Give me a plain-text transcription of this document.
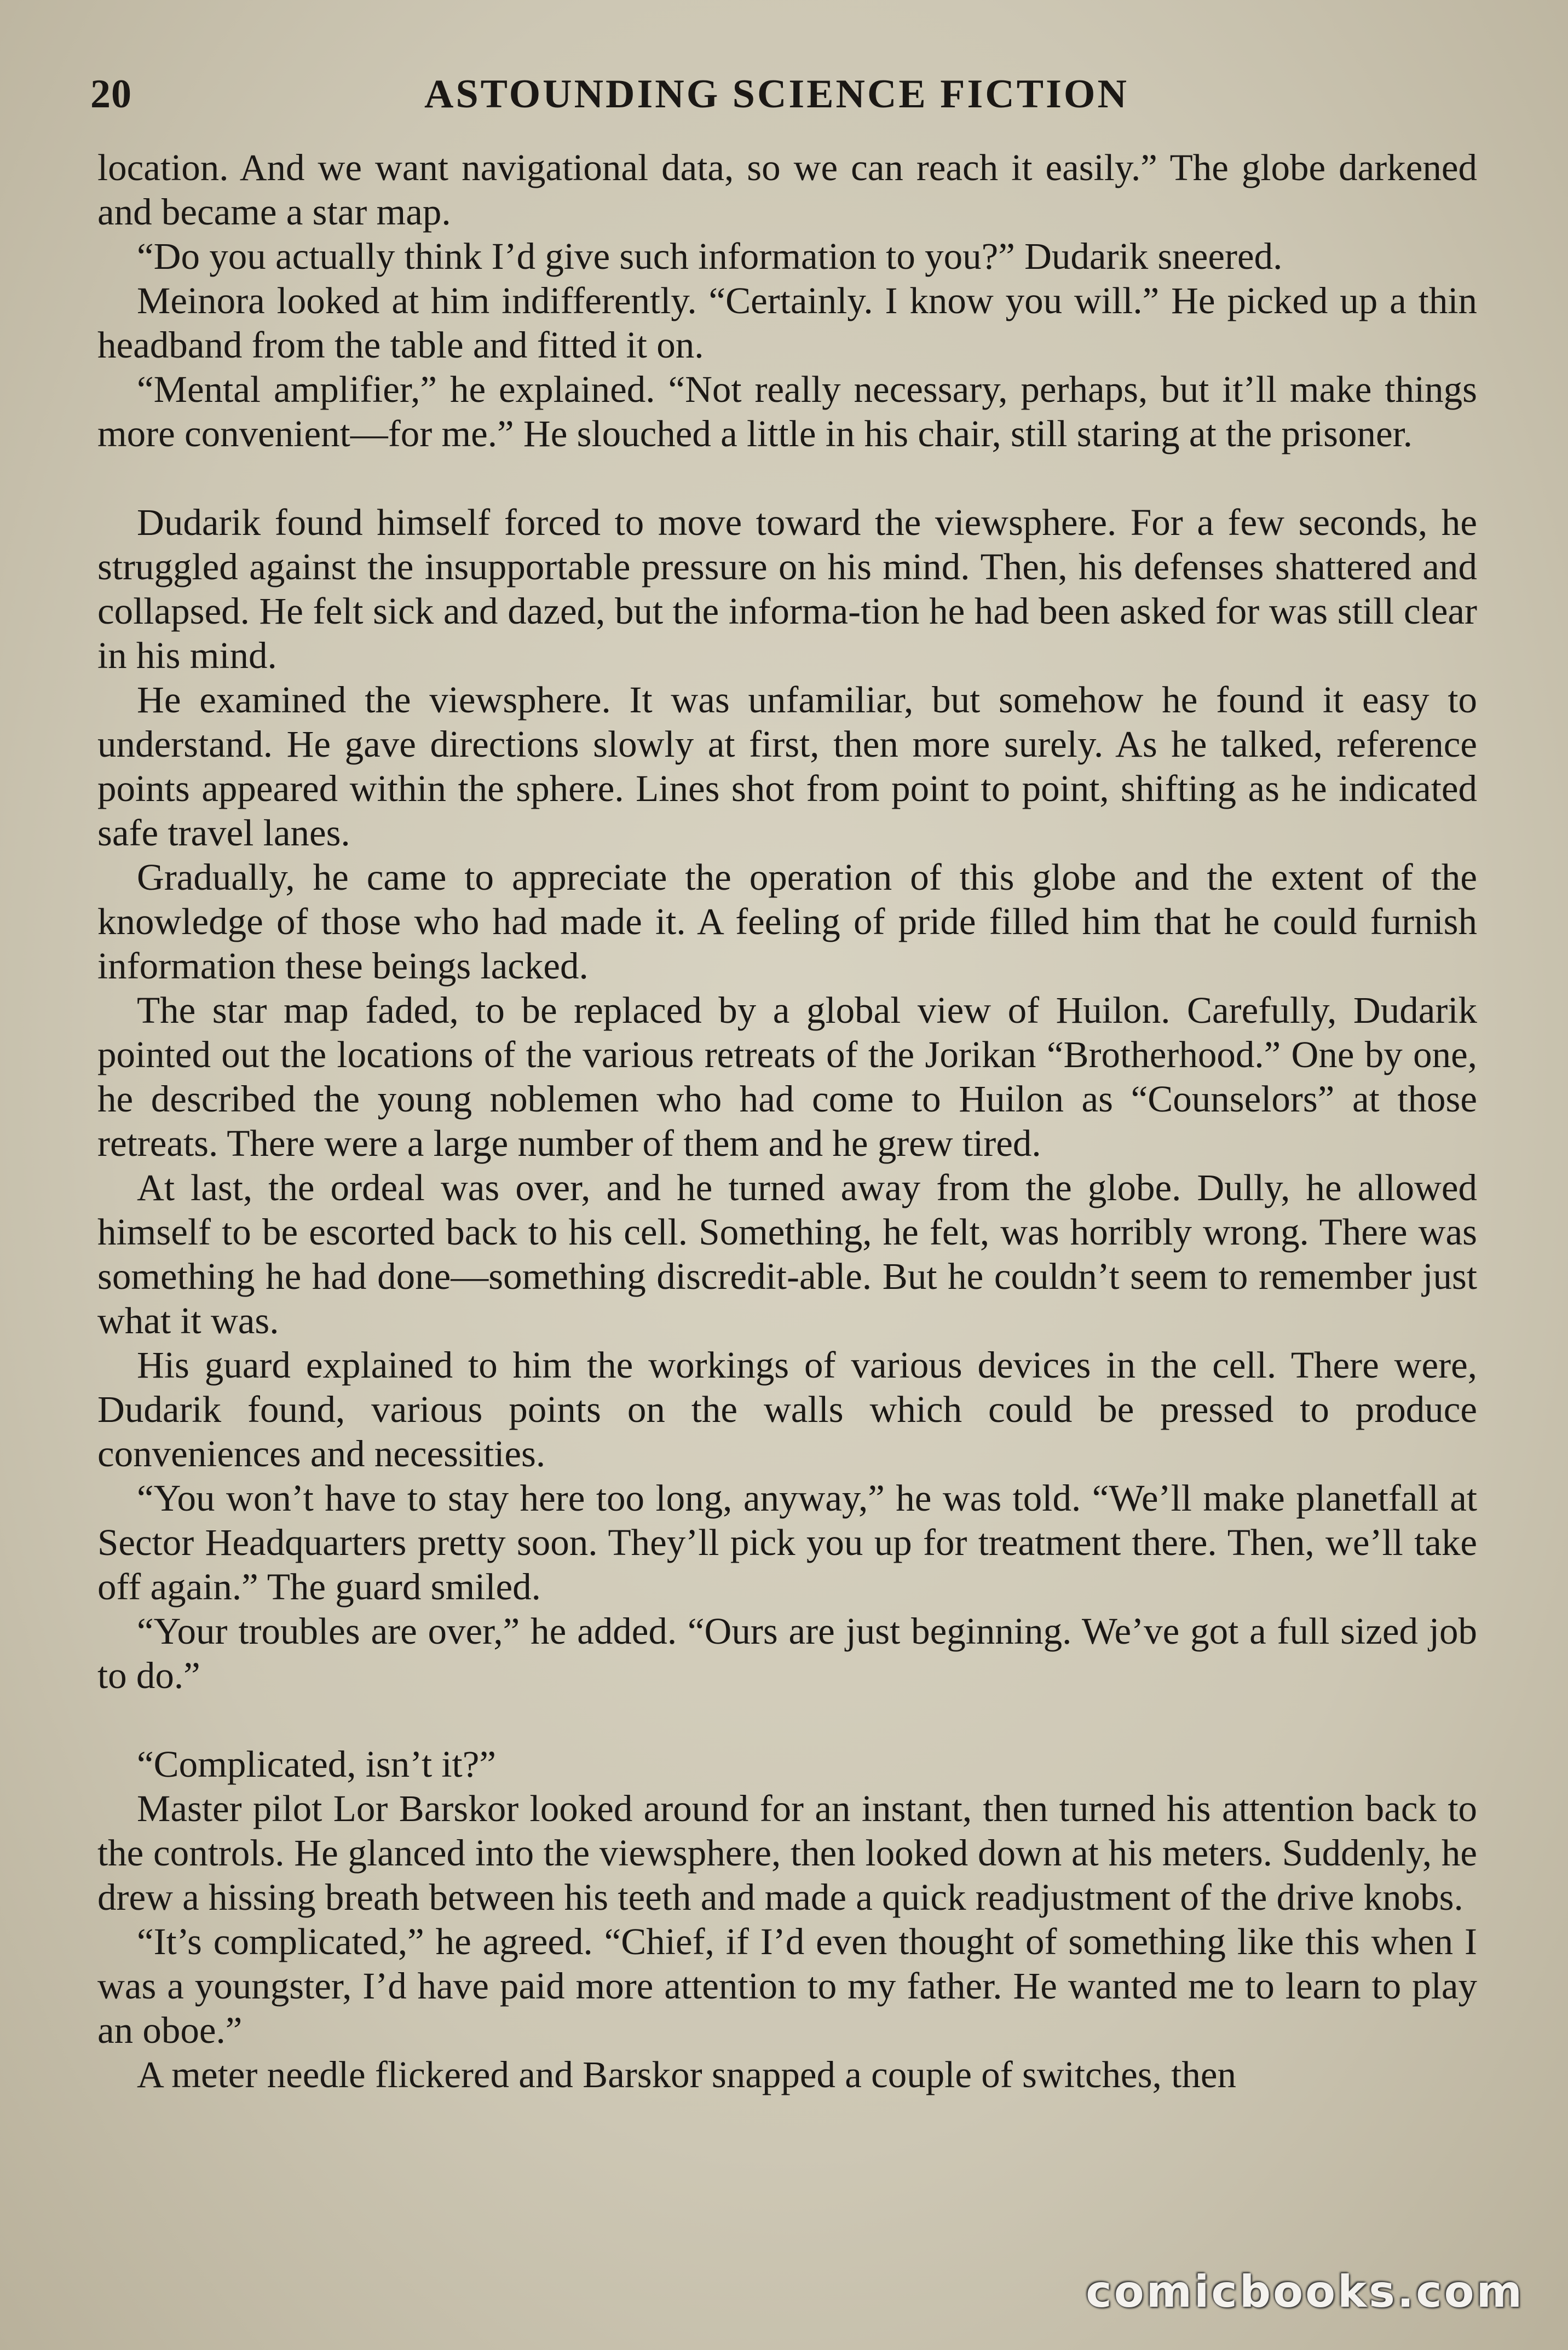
20	ASTOUNDING SCIENCE FICTION

location. And we want navigational data, so we can reach it easily.” The globe darkened and became a star map.

“Do you actually think I’d give such information to you?” Dudarik sneered.

Meinora looked at him indifferently. “Certainly. I know you will.” He picked up a thin headband from the table and fitted it on.

“Mental amplifier,” he explained. “Not really necessary, perhaps, but it’ll make things more convenient—for me.” He slouched a little in his chair, still staring at the prisoner.

Dudarik found himself forced to move toward the viewsphere. For a few seconds, he struggled against the insupportable pressure on his mind. Then, his defenses shattered and collapsed. He felt sick and dazed, but the informa-tion he had been asked for was still clear in his mind.

He examined the viewsphere. It was unfamiliar, but somehow he found it easy to understand. He gave directions slowly at first, then more surely. As he talked, reference points appeared within the sphere. Lines shot from point to point, shifting as he indicated safe travel lanes.

Gradually, he came to appreciate the operation of this globe and the extent of the knowledge of those who had made it. A feeling of pride filled him that he could furnish information these beings lacked.

The star map faded, to be replaced by a global view of Huilon. Carefully, Dudarik pointed out the locations of the various retreats of the Jorikan “Brotherhood.” One by one, he described the young noblemen who had come to Huilon as “Counselors” at those retreats. There were a large number of them and he grew tired.

At last, the ordeal was over, and he turned away from the globe. Dully, he allowed himself to be escorted back to his cell. Something, he felt, was horribly wrong. There was something he had done—something discredit-able. But he couldn’t seem to remember just what it was.

His guard explained to him the workings of various devices in the cell. There were, Dudarik found, various points on the walls which could be pressed to produce conveniences and necessities.

“You won’t have to stay here too long, anyway,” he was told. “We’ll make planetfall at Sector Headquarters pretty soon. They’ll pick you up for treatment there. Then, we’ll take off again.” The guard smiled.

“Your troubles are over,” he added. “Ours are just beginning. We’ve got a full sized job to do.”

“Complicated, isn’t it?”

Master pilot Lor Barskor looked around for an instant, then turned his attention back to the controls. He glanced into the viewsphere, then looked down at his meters. Suddenly, he drew a hissing breath between his teeth and made a quick readjustment of the drive knobs.

“It’s complicated,” he agreed. “Chief, if I’d even thought of something like this when I was a youngster, I’d have paid more attention to my father. He wanted me to learn to play an oboe.”

A meter needle flickered and Barskor snapped a couple of switches, then

comicbooks.com
